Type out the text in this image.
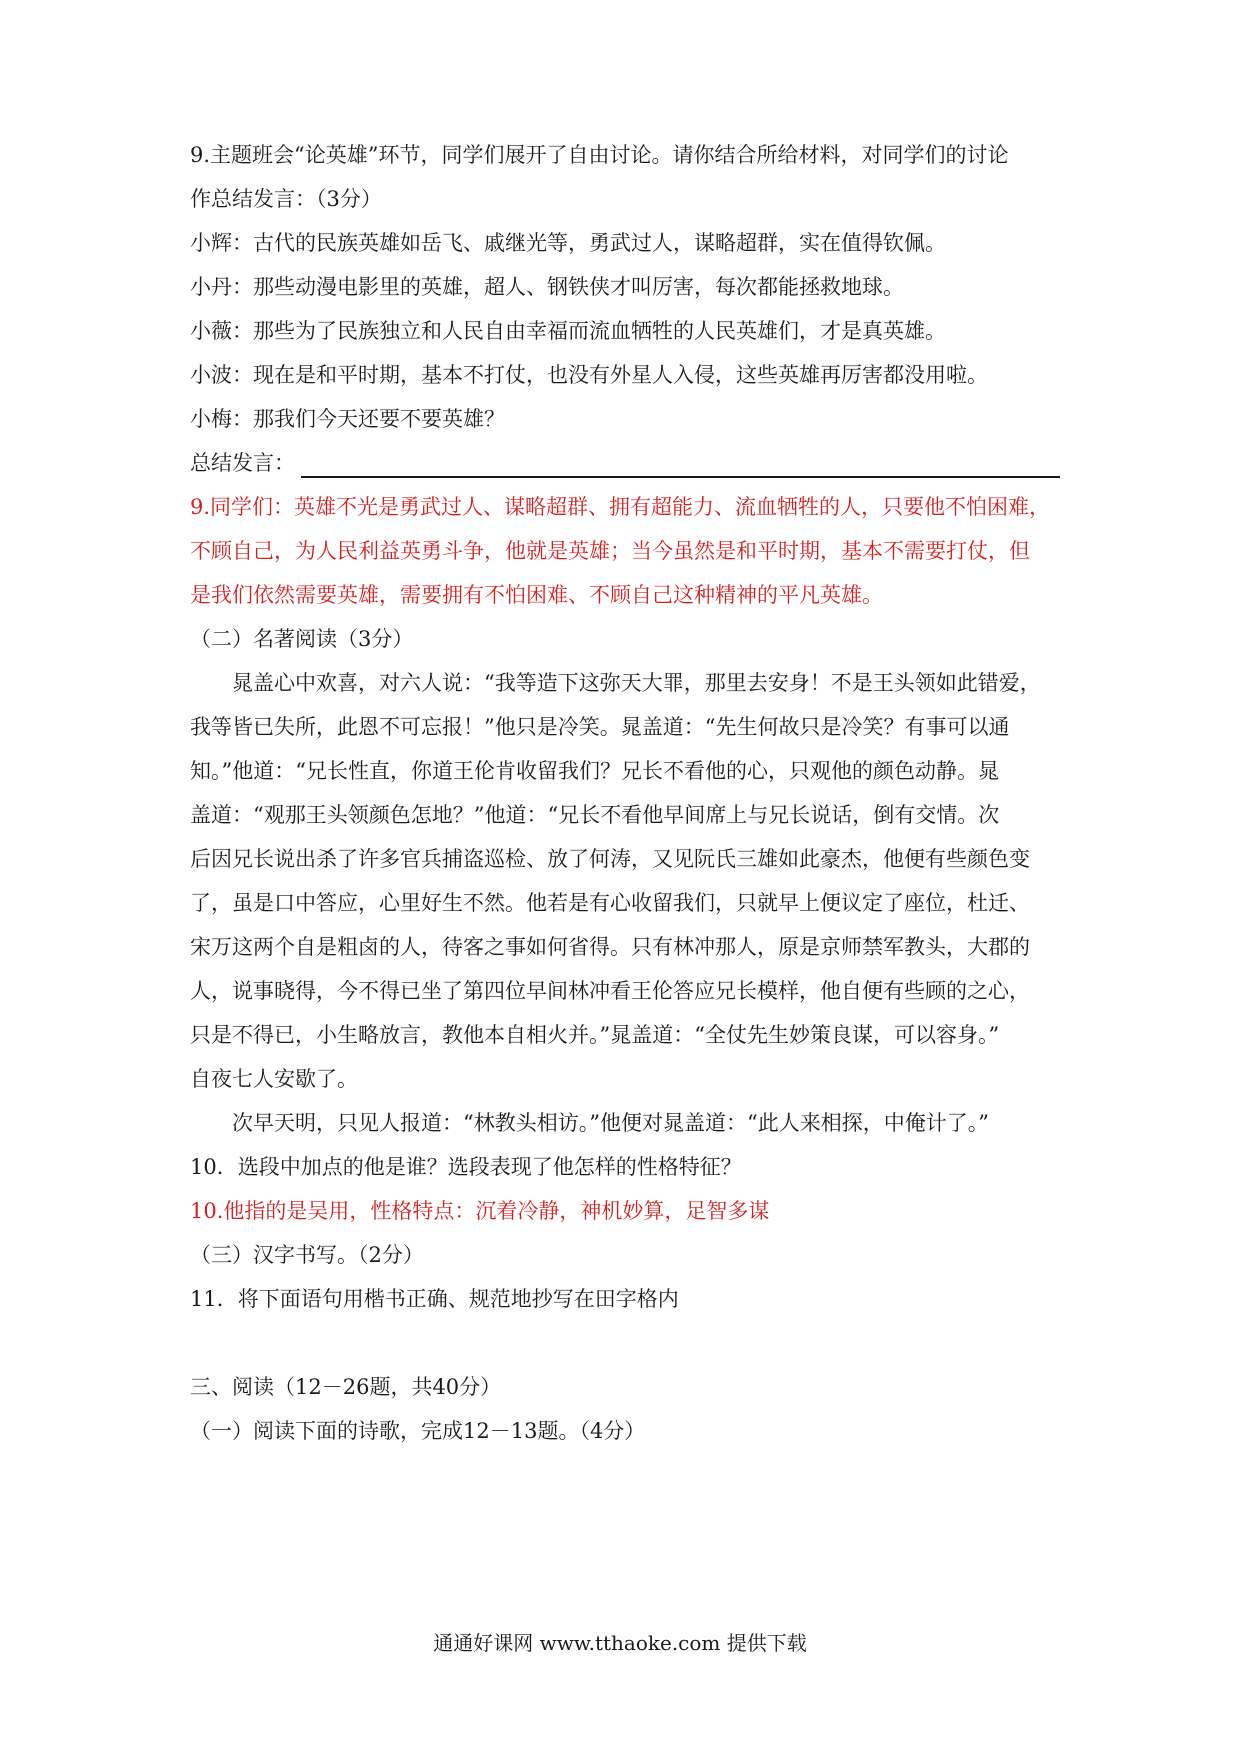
9.主题班会“论英雄”环节，同学们展开了自由讨论。请你结合所给材料，对同学们的讨论
作总结发言：（3分）
小辉：古代的民族英雄如岳飞、戚继光等，勇武过人，谋略超群，实在值得钦佩。
小丹：那些动漫电影里的英雄，超人、钢铁侠才叫厉害，每次都能拯救地球。
小薇：那些为了民族独立和人民自由幸福而流血牺牲的人民英雄们，才是真英雄。
小波：现在是和平时期，基本不打仗，也没有外星人入侵，这些英雄再厉害都没用啦。
小梅：那我们今天还要不要英雄？
总结发言：
9.同学们：英雄不光是勇武过人、谋略超群、拥有超能力、流血牺牲的人，只要他不怕困难，
不顾自己，为人民利益英勇斗争，他就是英雄；当今虽然是和平时期，基本不需要打仗，但
是我们依然需要英雄，需要拥有不怕困难、不顾自己这种精神的平凡英雄。
（二）名著阅读（3分）
晁盖心中欢喜，对六人说：“我等造下这弥天大罪，那里去安身！不是王头领如此错爱，
我等皆已失所，此恩不可忘报！”他只是冷笑。晁盖道：“先生何故只是冷笑？有事可以通
知。”他道：“兄长性直，你道王伦肯收留我们？兄长不看他的心，只观他的颜色动静。晁
盖道：“观那王头领颜色怎地？”他道：“兄长不看他早间席上与兄长说话，倒有交情。次
后因兄长说出杀了许多官兵捕盗巡检、放了何涛，又见阮氏三雄如此豪杰，他便有些颜色变
了，虽是口中答应，心里好生不然。他若是有心收留我们，只就早上便议定了座位，杜迁、
宋万这两个自是粗卤的人，待客之事如何省得。只有林冲那人，原是京师禁军教头，大郡的
人，说事晓得，今不得已坐了第四位早间林冲看王伦答应兄长模样，他自便有些顾的之心，
只是不得已，小生略放言，教他本自相火并。”晁盖道：“全仗先生妙策良谋，可以容身。”
自夜七人安歇了。
次早天明，只见人报道：“林教头相访。”他便对晁盖道：“此人来相探，中俺计了。”
10．选段中加点的他是谁？选段表现了他怎样的性格特征？
10.他指的是吴用，性格特点：沉着冷静，神机妙算，足智多谋
（三）汉字书写。（2分）
11．将下面语句用楷书正确、规范地抄写在田字格内
三、阅读（12－26题，共40分）
（一）阅读下面的诗歌，完成12－13题。（4分）
通通好课网 www.tthaoke.com 提供下载
